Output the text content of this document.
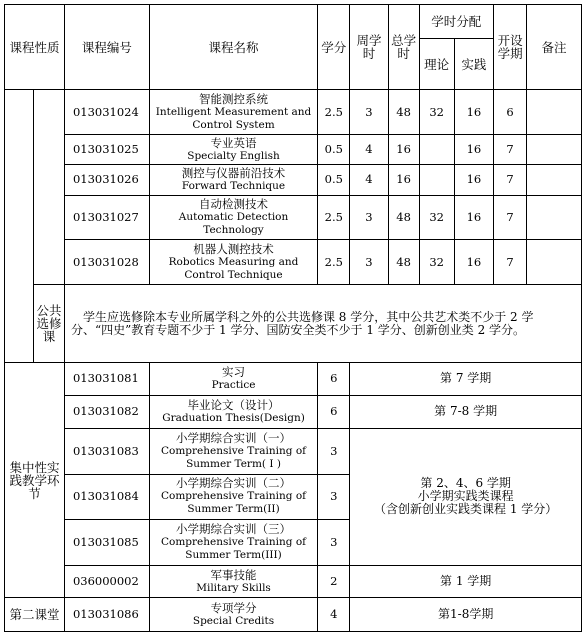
课程性质		课程编号	课程名称	学分	周学时	总学时	学时分配		开设学期	备注
							理论	实践		
		013031024	智能测控系统
Intelligent Measurement and Control System	2.5	3	48	32	16	6	
		013031025	专业英语
Specialty English	0.5	4	16		16	7	
		013031026	测控与仪器前沿技术
Forward Technique	0.5	4	16		16	7	
		013031027	自动检测技术
Automatic Detection Technology	2.5	3	48	32	16	7	
		013031028	机器人测控技术
Robotics Measuring and Control Technique	2.5	3	48	32	16	7	
	公共选修课	学生应选修除本专业所属学科之外的公共选修课 8 学分，其中公共艺术类不少于 2 学分、“四史”教育专题不少于 1 学分、国防安全类不少于 1 学分、创新创业类 2 学分。								
集中性实践教学环节		013031081	实习
Practice	6	第 7 学期					
		013031082	毕业论文（设计）
Graduation Thesis(Design)	6	第 7-8 学期					
		013031083	小学期综合实训（一）
Comprehensive Training of Summer Term( I )	3	第 2、4、6 学期
小学期实践类课程
（含创新创业实践类课程 1 学分）					

		013031084	小学期综合实训（二）
Comprehensive Training of Summer Term(II)	3						
		013031085	小学期综合实训（三）
Comprehensive Training of Summer Term(III)	3						
		036000002	军事技能
Military Skills	2	第 1 学期					
第二课堂		013031086	专项学分
Special Credits	4	第1-8学期					
